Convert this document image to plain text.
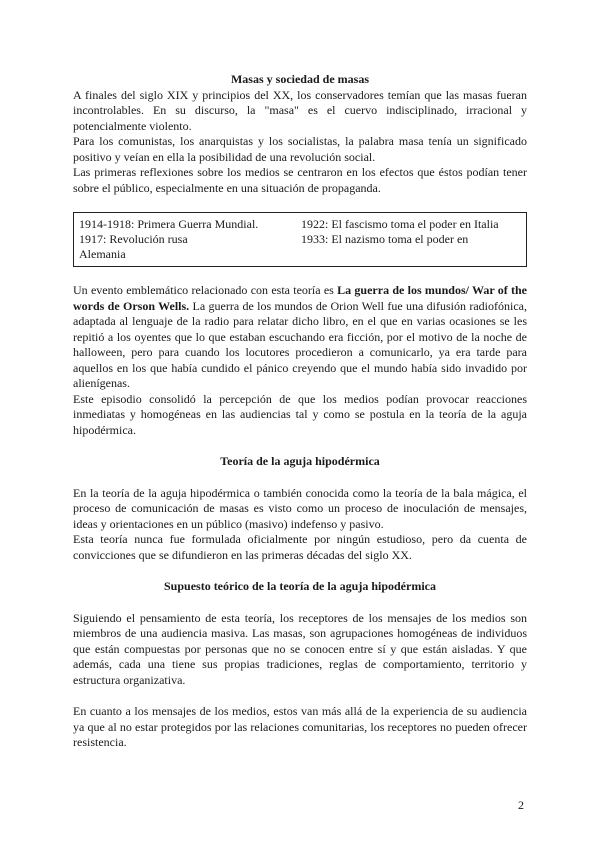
Masas y sociedad de masas

A finales del siglo XIX y principios del XX, los conservadores temían que las masas fueran incontrolables. En su discurso, la "masa" es el cuervo indisciplinado, irracional y potencialmente violento.

Para los comunistas, los anarquistas y los socialistas, la palabra masa tenía un significado positivo y veían en ella la posibilidad de una revolución social.

Las primeras reflexiones sobre los medios se centraron en los efectos que éstos podían tener sobre el público, especialmente en una situación de propaganda.

1914-1918: Primera Guerra Mundial.	1922: El fascismo toma el poder en Italia
1917: Revolución rusa	1933: El nazismo toma el poder en
Alemania

Un evento emblemático relacionado con esta teoría es La guerra de los mundos/ War of the words de Orson Wells. La guerra de los mundos de Orion Well fue una difusión radiofónica, adaptada al lenguaje de la radio para relatar dicho libro, en el que en varias ocasiones se les repitió a los oyentes que lo que estaban escuchando era ficción, por el motivo de la noche de halloween, pero para cuando los locutores procedieron a comunicarlo, ya era tarde para aquellos en los que había cundido el pánico creyendo que el mundo había sido invadido por alienígenas.

Este episodio consolidó la percepción de que los medios podían provocar reacciones inmediatas y homogéneas en las audiencias tal y como se postula en la teoría de la aguja hipodérmica.

Teoría de la aguja hipodérmica

En la teoría de la aguja hipodérmica o también conocida como la teoría de la bala mágica, el proceso de comunicación de masas es visto como un proceso de inoculación de mensajes, ideas y orientaciones en un público (masivo) indefenso y pasivo.

Esta teoría nunca fue formulada oficialmente por ningún estudioso, pero da cuenta de convicciones que se difundieron en las primeras décadas del siglo XX.

Supuesto teórico de la teoría de la aguja hipodérmica

Siguiendo el pensamiento de esta teoría, los receptores de los mensajes de los medios son miembros de una audiencia masiva. Las masas, son agrupaciones homogéneas de individuos que están compuestas por personas que no se conocen entre sí y que están aisladas. Y que además, cada una tiene sus propias tradiciones, reglas de comportamiento, territorio y estructura organizativa.

En cuanto a los mensajes de los medios, estos van más allá de la experiencia de su audiencia ya que al no estar protegidos por las relaciones comunitarias, los receptores no pueden ofrecer resistencia.

2
